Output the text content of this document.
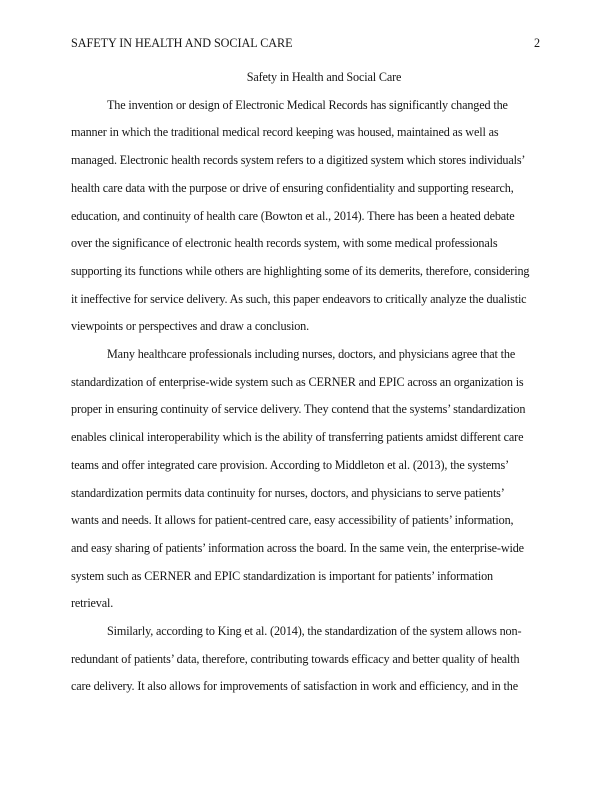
SAFETY IN HEALTH AND SOCIAL CARE	2
Safety in Health and Social Care
The invention or design of Electronic Medical Records has significantly changed the
manner in which the traditional medical record keeping was housed, maintained as well as
managed. Electronic health records system refers to a digitized system which stores individuals’
health care data with the purpose or drive of ensuring confidentiality and supporting research,
education, and continuity of health care (Bowton et al., 2014). There has been a heated debate
over the significance of electronic health records system, with some medical professionals
supporting its functions while others are highlighting some of its demerits, therefore, considering
it ineffective for service delivery. As such, this paper endeavors to critically analyze the dualistic
viewpoints or perspectives and draw a conclusion.
Many healthcare professionals including nurses, doctors, and physicians agree that the
standardization of enterprise-wide system such as CERNER and EPIC across an organization is
proper in ensuring continuity of service delivery. They contend that the systems’ standardization
enables clinical interoperability which is the ability of transferring patients amidst different care
teams and offer integrated care provision. According to Middleton et al. (2013), the systems’
standardization permits data continuity for nurses, doctors, and physicians to serve patients’
wants and needs. It allows for patient-centred care, easy accessibility of patients’ information,
and easy sharing of patients’ information across the board. In the same vein, the enterprise-wide
system such as CERNER and EPIC standardization is important for patients’ information
retrieval.
Similarly, according to King et al. (2014), the standardization of the system allows non-
redundant of patients’ data, therefore, contributing towards efficacy and better quality of health
care delivery. It also allows for improvements of satisfaction in work and efficiency, and in the
